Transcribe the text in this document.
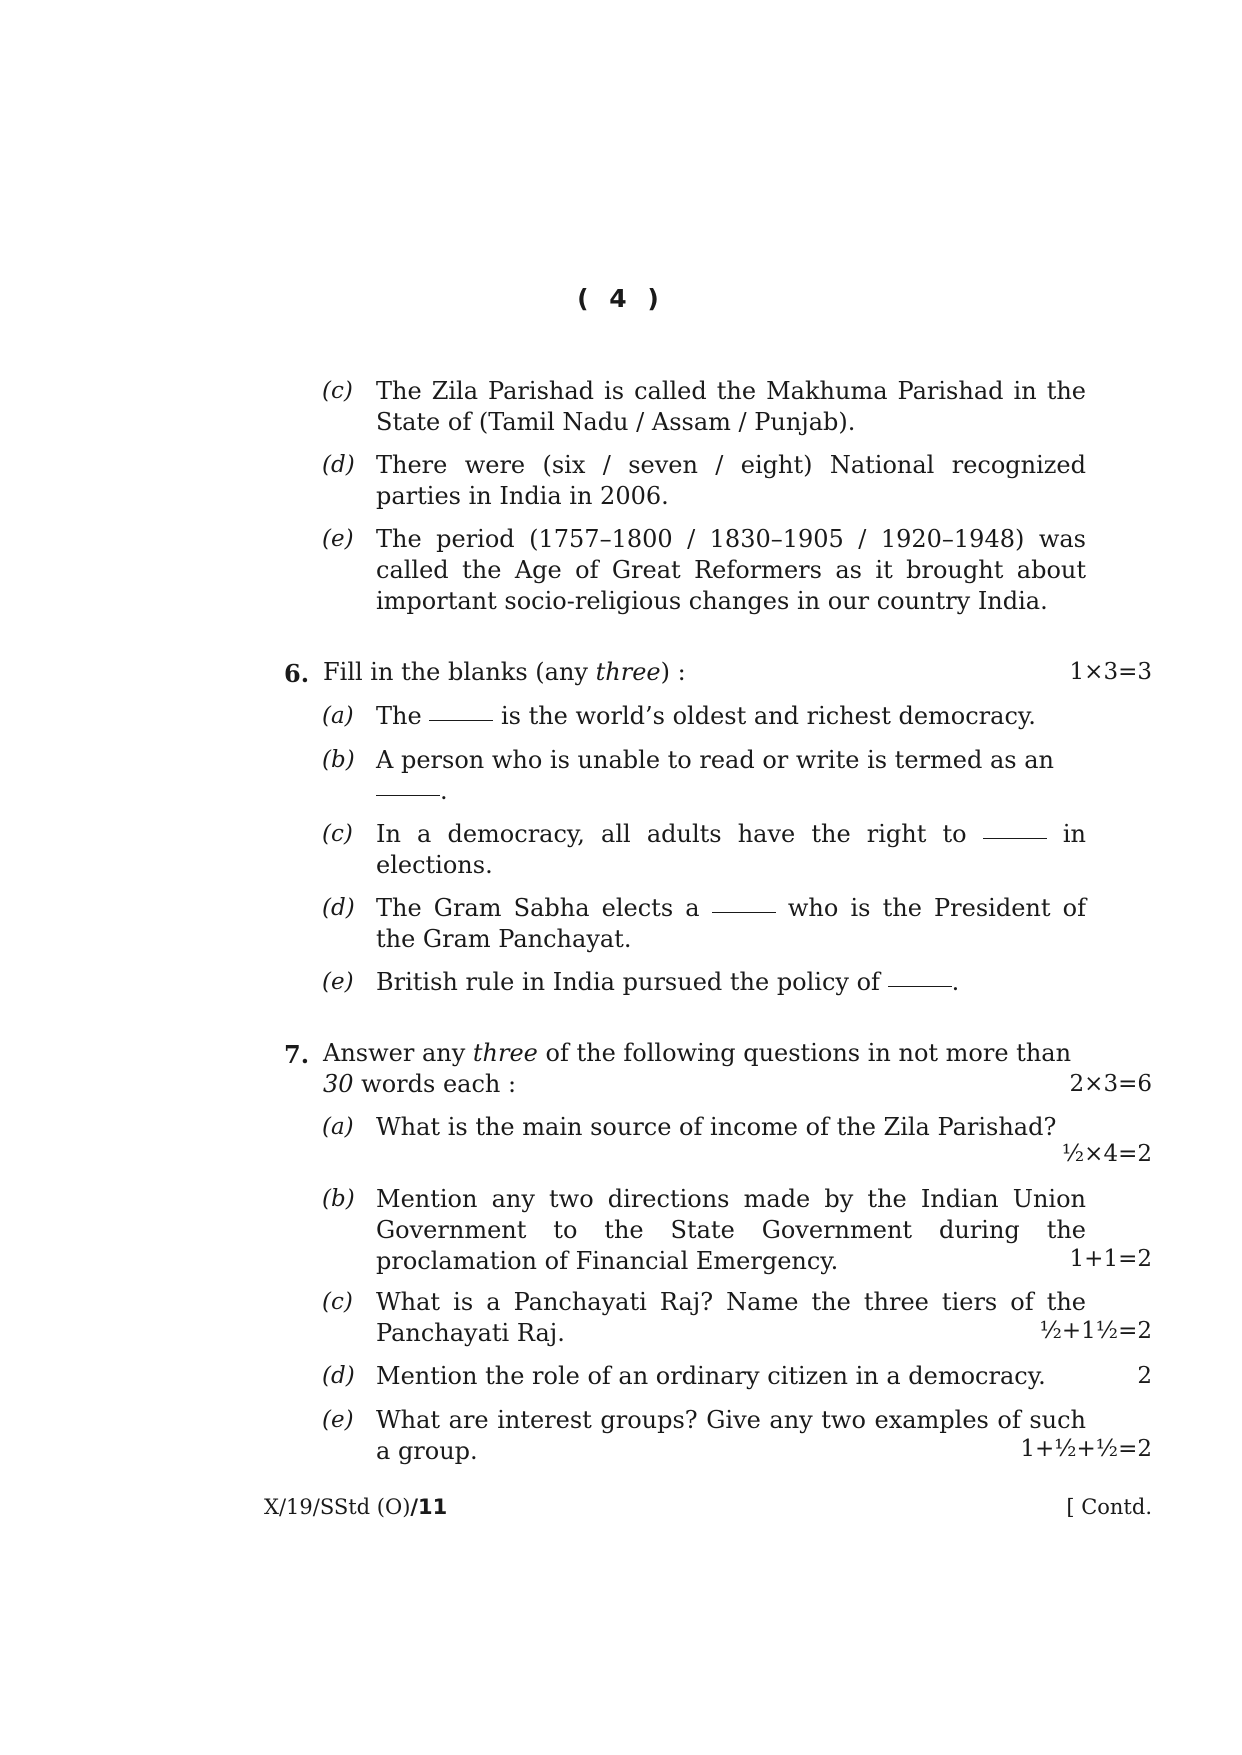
( 4 )
(c) The Zila Parishad is called the Makhuma Parishad in the State of (Tamil Nadu / Assam / Punjab).
(d) There were (six / seven / eight) National recognized parties in India in 2006.
(e) The period (1757–1800 / 1830–1905 / 1920–1948) was called the Age of Great Reformers as it brought about important socio-religious changes in our country India.
6. Fill in the blanks (any three) :	1×3=3
(a) The	is the world’s oldest and richest democracy.
(b) A person who is unable to read or write is termed as an
.
(c) In a democracy, all adults have the right to	in elections.
(d) The Gram Sabha elects a	who is the President of the Gram Panchayat.
(e) British rule in India pursued the policy of	.
7. Answer any three of the following questions in not more than 30 words each :	2×3=6
(a) What is the main source of income of the Zila Parishad?
½×4=2
(b) Mention any two directions made by the Indian Union Government to the State Government during the proclamation of Financial Emergency.	1+1=2
(c) What is a Panchayati Raj? Name the three tiers of the Panchayati Raj.	½+1½=2
(d) Mention the role of an ordinary citizen in a democracy.	2
(e) What are interest groups? Give any two examples of such a group.	1+½+½=2
X/19/SStd (O)/11	[ Contd.
